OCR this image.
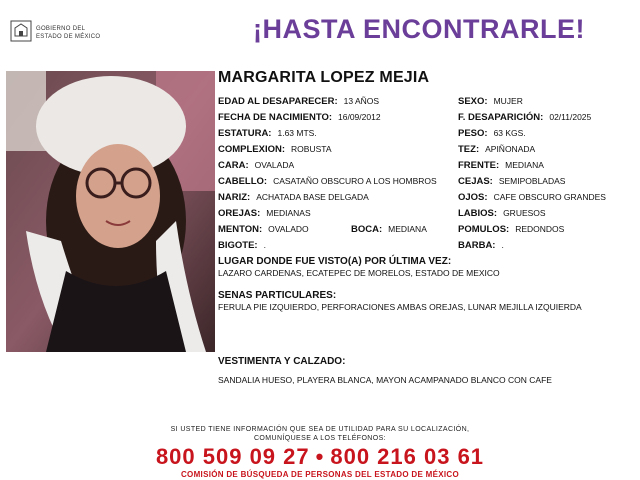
GOBIERNO DEL
ESTADO DE MÉXICO	¡HASTA ENCONTRARLE!
MARGARITA LOPEZ MEJIA
EDAD AL DESAPARECER: 13 AÑOS
FECHA DE NACIMIENTO: 16/09/2012
ESTATURA: 1.63 MTS.
COMPLEXION: ROBUSTA
CARA: OVALADA
CABELLO: CASATAÑO OBSCURO A LOS HOMBROS
NARIZ: ACHATADA BASE DELGADA
OREJAS: MEDIANAS
MENTON: OVALADO	BOCA: MEDIANA
BIGOTE: .
SEXO: MUJER
F. DESAPARICIÓN: 02/11/2025
PESO: 63 KGS.
TEZ: APIÑONADA
FRENTE: MEDIANA
CEJAS: SEMIPOBLADAS
OJOS: CAFE OBSCURO GRANDES
LABIOS: GRUESOS
POMULOS: REDONDOS
BARBA: .
LUGAR DONDE FUE VISTO(A) POR ÚLTIMA VEZ:
LAZARO CARDENAS, ECATEPEC DE MORELOS, ESTADO DE MEXICO
SENAS PARTICULARES:
FERULA PIE IZQUIERDO, PERFORACIONES AMBAS OREJAS, LUNAR MEJILLA IZQUIERDA
VESTIMENTA Y CALZADO:
SANDALIA HUESO, PLAYERA BLANCA, MAYON ACAMPANADO BLANCO CON CAFE
SI USTED TIENE INFORMACIÓN QUE SEA DE UTILIDAD PARA SU LOCALIZACIÓN,
COMUNÍQUESE A LOS TELÉFONOS:
800 509 09 27 • 800 216 03 61
COMISIÓN DE BÚSQUEDA DE PERSONAS DEL ESTADO DE MÉXICO
